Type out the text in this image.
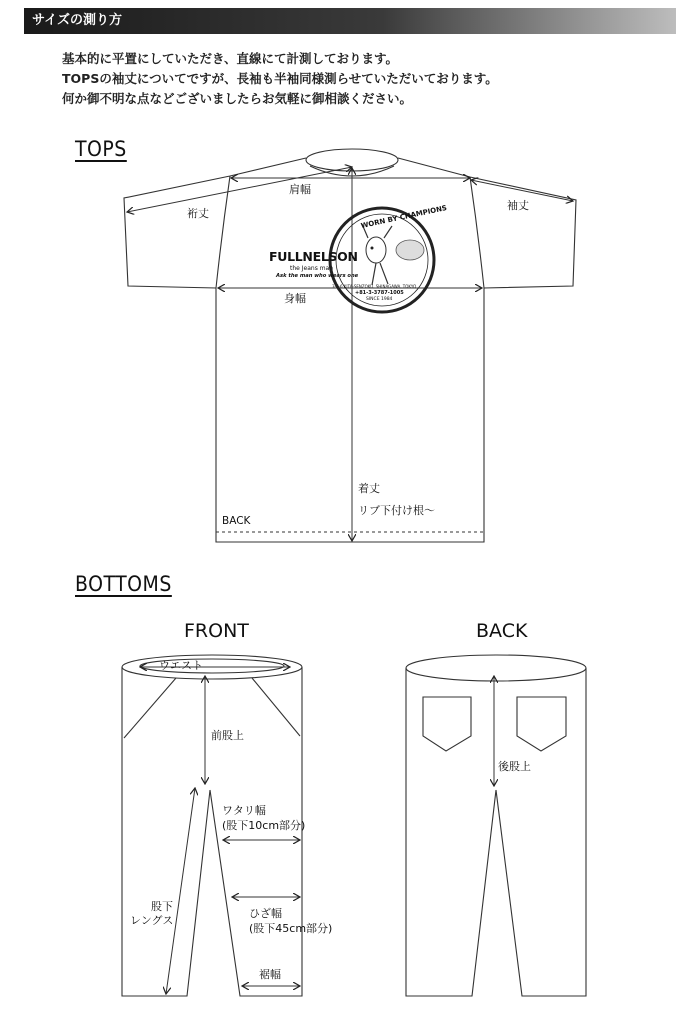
サイズの測り方
基本的に平置にしていただき、直線にて計測しております。
TOPSの袖丈についてですが、長袖も半袖同様測らせていただいております。
何か御不明な点などございましたらお気軽に御相談ください。
TOPS
FULLNELSON
the Jeans man
Ask the man who wears one
WORN BY CHAMPIONS
3-7-6 KITA-SENZOKU, SHINAGAWA, TOKYO
+81-3-3787-1005
SINCE 1984
肩幅
裄丈
袖丈
身幅
着丈
リブ下付け根～
BACK
BOTTOMS
FRONT	BACK
ウエスト
前股上
ワタリ幅
(股下10cm部分)
股下
レングス
ひざ幅
(股下45cm部分)
裾幅
後股上
